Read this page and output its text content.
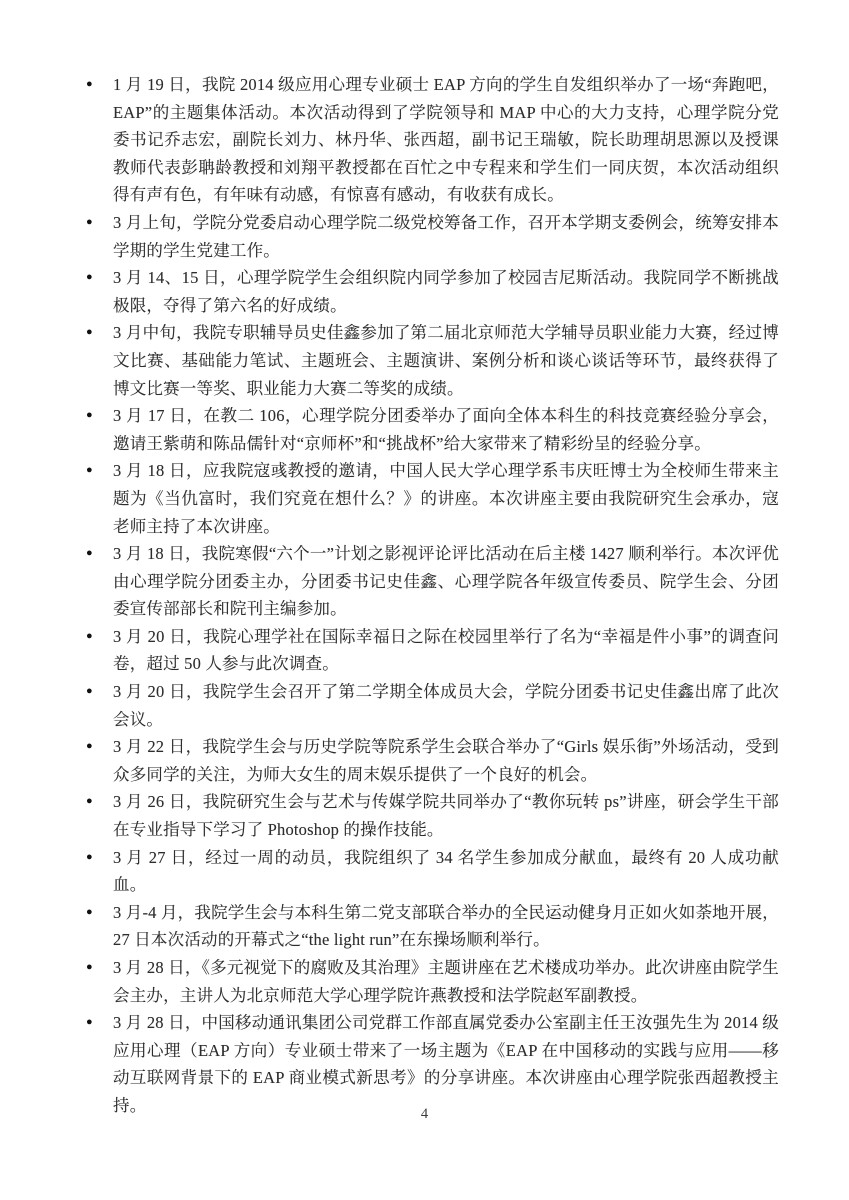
●	1 月 19 日，我院 2014 级应用心理专业硕士 EAP 方向的学生自发组织举办了一场“奔跑吧，EAP”的主题集体活动。本次活动得到了学院领导和 MAP 中心的大力支持，心理学院分党委书记乔志宏，副院长刘力、林丹华、张西超，副书记王瑞敏，院长助理胡思源以及授课教师代表彭聃龄教授和刘翔平教授都在百忙之中专程来和学生们一同庆贺，本次活动组织得有声有色，有年味有动感，有惊喜有感动，有收获有成长。
●	3 月上旬，学院分党委启动心理学院二级党校筹备工作，召开本学期支委例会，统筹安排本学期的学生党建工作。
●	3 月 14、15 日，心理学院学生会组织院内同学参加了校园吉尼斯活动。我院同学不断挑战极限，夺得了第六名的好成绩。
●	3 月中旬，我院专职辅导员史佳鑫参加了第二届北京师范大学辅导员职业能力大赛，经过博文比赛、基础能力笔试、主题班会、主题演讲、案例分析和谈心谈话等环节，最终获得了博文比赛一等奖、职业能力大赛二等奖的成绩。
●	3 月 17 日，在教二 106，心理学院分团委举办了面向全体本科生的科技竞赛经验分享会，邀请王紫萌和陈品儒针对“京师杯”和“挑战杯”给大家带来了精彩纷呈的经验分享。
●	3 月 18 日，应我院寇彧教授的邀请，中国人民大学心理学系韦庆旺博士为全校师生带来主题为《当仇富时，我们究竟在想什么？》的讲座。本次讲座主要由我院研究生会承办，寇老师主持了本次讲座。
●	3 月 18 日，我院寒假“六个一”计划之影视评论评比活动在后主楼 1427 顺利举行。本次评优由心理学院分团委主办，分团委书记史佳鑫、心理学院各年级宣传委员、院学生会、分团委宣传部部长和院刊主编参加。
●	3 月 20 日，我院心理学社在国际幸福日之际在校园里举行了名为“幸福是件小事”的调查问卷，超过 50 人参与此次调查。
●	3 月 20 日，我院学生会召开了第二学期全体成员大会，学院分团委书记史佳鑫出席了此次会议。
●	3 月 22 日，我院学生会与历史学院等院系学生会联合举办了“Girls 娱乐街”外场活动，受到众多同学的关注，为师大女生的周末娱乐提供了一个良好的机会。
●	3 月 26 日，我院研究生会与艺术与传媒学院共同举办了“教你玩转 ps”讲座，研会学生干部在专业指导下学习了 Photoshop 的操作技能。
●	3 月 27 日，经过一周的动员，我院组织了 34 名学生参加成分献血，最终有 20 人成功献血。
●	3 月-4 月，我院学生会与本科生第二党支部联合举办的全民运动健身月正如火如荼地开展，27 日本次活动的开幕式之“the light run”在东操场顺利举行。
●	3 月 28 日，《多元视觉下的腐败及其治理》主题讲座在艺术楼成功举办。此次讲座由院学生会主办，主讲人为北京师范大学心理学院许燕教授和法学院赵军副教授。
●	3 月 28 日，中国移动通讯集团公司党群工作部直属党委办公室副主任王汝强先生为 2014 级应用心理（EAP 方向）专业硕士带来了一场主题为《EAP 在中国移动的实践与应用——移动互联网背景下的 EAP 商业模式新思考》的分享讲座。本次讲座由心理学院张西超教授主持。	4
